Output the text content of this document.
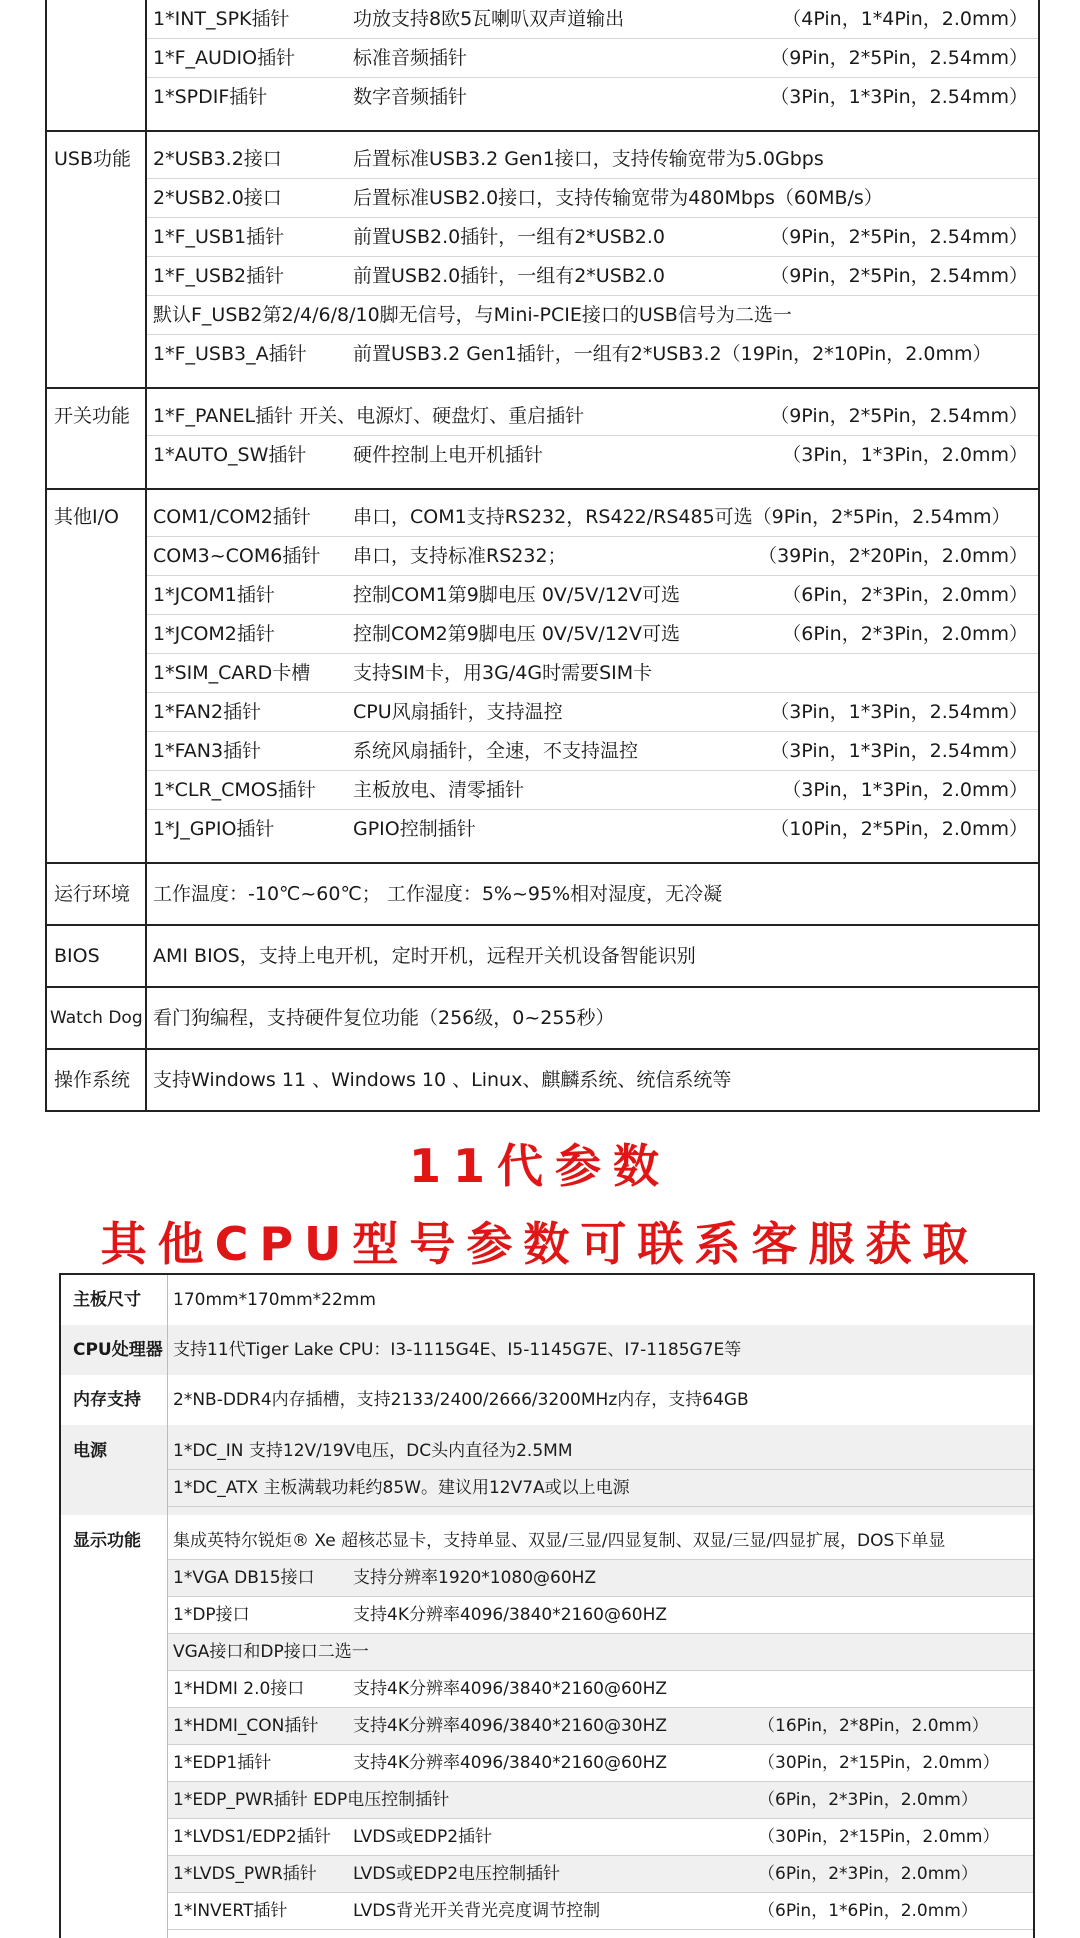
1*INT_SPK插针	功放支持8欧5瓦喇叭双声道输出	（4Pin，1*4Pin，2.0mm）
1*F_AUDIO插针	标准音频插针	（9Pin，2*5Pin，2.54mm）
1*SPDIF插针	数字音频插针	（3Pin，1*3Pin，2.54mm）
USB功能	2*USB3.2接口	后置标准USB3.2 Gen1接口，支持传输宽带为5.0Gbps
2*USB2.0接口	后置标准USB2.0接口，支持传输宽带为480Mbps（60MB/s）
1*F_USB1插针	前置USB2.0插针，一组有2*USB2.0	（9Pin，2*5Pin，2.54mm）
1*F_USB2插针	前置USB2.0插针，一组有2*USB2.0	（9Pin，2*5Pin，2.54mm）
默认F_USB2第2/4/6/8/10脚无信号，与Mini-PCIE接口的USB信号为二选一
1*F_USB3_A插针 前置USB3.2 Gen1插针，一组有2*USB3.2（19Pin，2*10Pin，2.0mm）
开关功能	1*F_PANEL插针 开关、电源灯、硬盘灯、重启插针	（9Pin，2*5Pin，2.54mm）
1*AUTO_SW插针 硬件控制上电开机插针	（3Pin，1*3Pin，2.0mm）
其他I/O	COM1/COM2插针 串口，COM1支持RS232，RS422/RS485可选（9Pin，2*5Pin，2.54mm）
COM3~COM6插针 串口，支持标准RS232；	（39Pin，2*20Pin，2.0mm）
1*JCOM1插针	控制COM1第9脚电压 0V/5V/12V可选	（6Pin，2*3Pin，2.0mm）
1*JCOM2插针	控制COM2第9脚电压 0V/5V/12V可选	（6Pin，2*3Pin，2.0mm）
1*SIM_CARD卡槽 支持SIM卡，用3G/4G时需要SIM卡
1*FAN2插针	CPU风扇插针，支持温控	（3Pin，1*3Pin，2.54mm）
1*FAN3插针	系统风扇插针，全速，不支持温控	（3Pin，1*3Pin，2.54mm）
1*CLR_CMOS插针 主板放电、清零插针	（3Pin，1*3Pin，2.0mm）
1*J_GPIO插针	GPIO控制插针	（10Pin，2*5Pin，2.0mm）
运行环境	工作温度：-10℃~60℃； 工作湿度：5%~95%相对湿度，无冷凝
BIOS	AMI BIOS，支持上电开机，定时开机，远程开关机设备智能识别
Watch Dog 看门狗编程，支持硬件复位功能（256级，0~255秒）
操作系统	支持Windows 11 、Windows 10 、Linux、麒麟系统、统信系统等
11代参数
其他CPU型号参数可联系客服获取
主板尺寸	170mm*170mm*22mm
CPU处理器 支持11代Tiger Lake CPU：I3-1115G4E、I5-1145G7E、I7-1185G7E等
内存支持	2*NB-DDR4内存插槽，支持2133/2400/2666/3200MHz内存，支持64GB
电源	1*DC_IN 支持12V/19V电压，DC头内直径为2.5MM
1*DC_ATX 主板满载功耗约85W。建议用12V7A或以上电源
显示功能	集成英特尔锐炬® Xe 超核芯显卡，支持单显、双显/三显/四显复制、双显/三显/四显扩展，DOS下单显
1*VGA DB15接口 支持分辨率1920*1080@60HZ
1*DP接口	支持4K分辨率4096/3840*2160@60HZ
VGA接口和DP接口二选一
1*HDMI 2.0接口	支持4K分辨率4096/3840*2160@60HZ
1*HDMI_CON插针 支持4K分辨率4096/3840*2160@30HZ	（16Pin，2*8Pin，2.0mm）
1*EDP1插针	支持4K分辨率4096/3840*2160@60HZ	（30Pin，2*15Pin，2.0mm）
1*EDP_PWR插针 EDP电压控制插针	（6Pin，2*3Pin，2.0mm）
1*LVDS1/EDP2插针 LVDS或EDP2插针	（30Pin，2*15Pin，2.0mm）
1*LVDS_PWR插针 LVDS或EDP2电压控制插针	（6Pin，2*3Pin，2.0mm）
1*INVERT插针	LVDS背光开关背光亮度调节控制	（6Pin，1*6Pin，2.0mm）
